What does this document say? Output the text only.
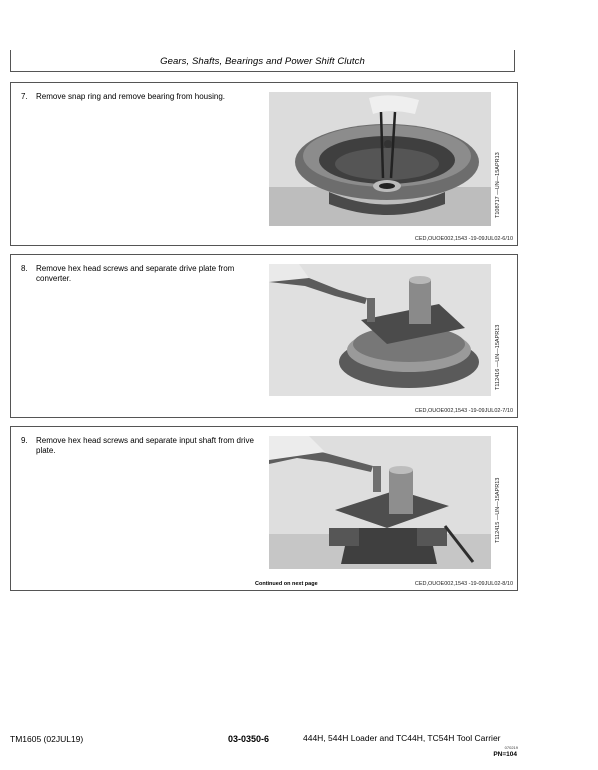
Gears, Shafts, Bearings and Power Shift Clutch
7. Remove snap ring and remove bearing from housing.
T108717 —UN—15APR13
CED,OUOE002,1543 -19-09JUL02-6/10
8. Remove hex head screws and separate drive plate from converter.
T112416 —UN—15APR13
CED,OUOE002,1543 -19-09JUL02-7/10
9. Remove hex head screws and separate input shaft from drive plate.
T112415 —UN—15APR13
Continued on next page	CED,OUOE002,1543 -19-09JUL02-8/10
TM1605 (02JUL19)	03-0350-6	444H, 544H Loader and TC44H, TC54H Tool Carrier
070219
PN=104
